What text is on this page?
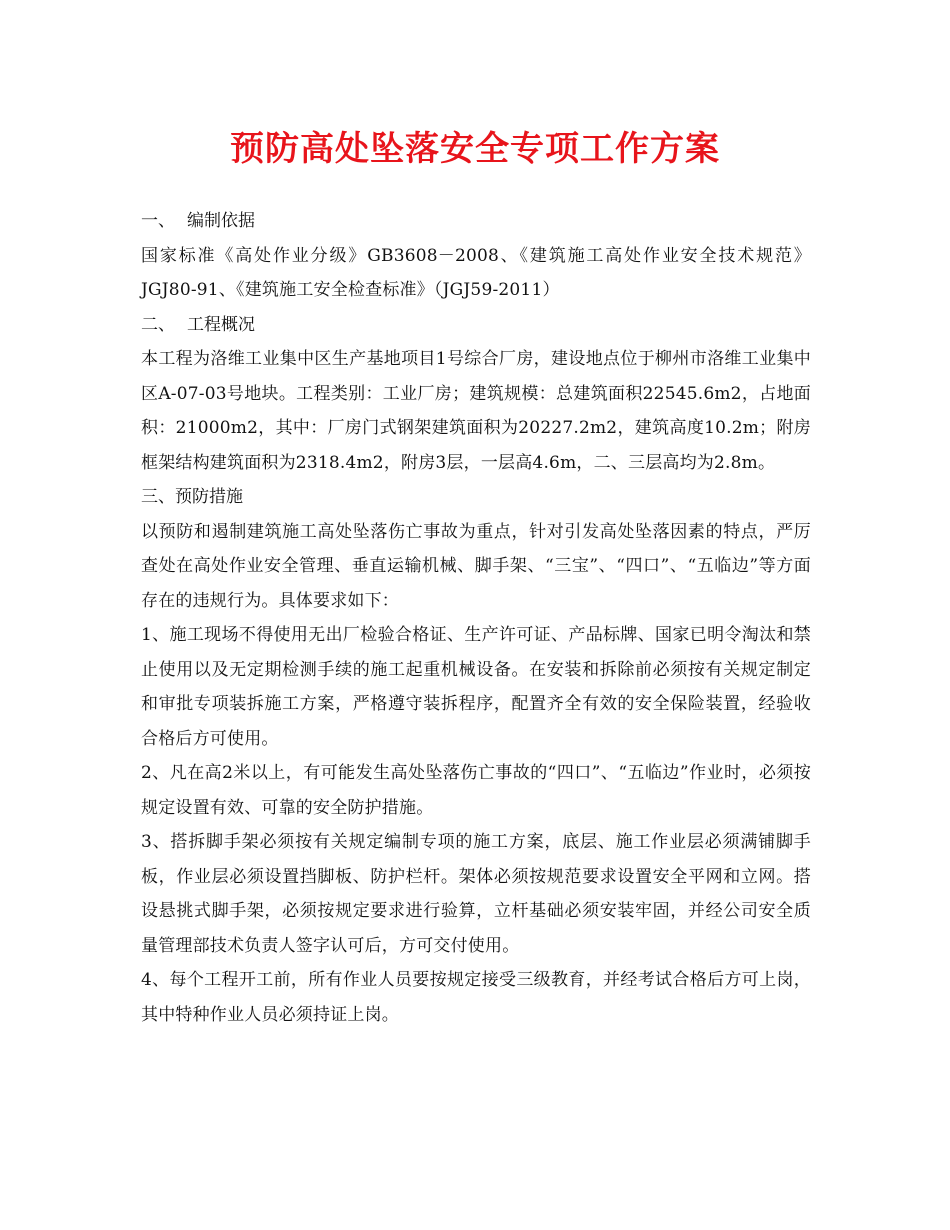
预防高处坠落安全专项工作方案

一、 编制依据

国家标准《高处作业分级》GB3608－2008、《建筑施工高处作业安全技术规范》JGJ80-91、《建筑施工安全检查标准》（JGJ59-2011）

二、 工程概况

本工程为洛维工业集中区生产基地项目1号综合厂房，建设地点位于柳州市洛维工业集中区A-07-03号地块。工程类别：工业厂房；建筑规模：总建筑面积22545.6m2，占地面积：21000m2，其中：厂房门式钢架建筑面积为20227.2m2，建筑高度10.2m；附房框架结构建筑面积为2318.4m2，附房3层，一层高4.6m，二、三层高均为2.8m。

三、预防措施

以预防和遏制建筑施工高处坠落伤亡事故为重点，针对引发高处坠落因素的特点，严厉查处在高处作业安全管理、垂直运输机械、脚手架、“三宝”、“四口”、“五临边”等方面存在的违规行为。具体要求如下：

1、施工现场不得使用无出厂检验合格证、生产许可证、产品标牌、国家已明令淘汰和禁止使用以及无定期检测手续的施工起重机械设备。在安装和拆除前必须按有关规定制定和审批专项装拆施工方案，严格遵守装拆程序，配置齐全有效的安全保险装置，经验收合格后方可使用。

2、凡在高2米以上，有可能发生高处坠落伤亡事故的“四口”、“五临边”作业时，必须按规定设置有效、可靠的安全防护措施。

3、搭拆脚手架必须按有关规定编制专项的施工方案，底层、施工作业层必须满铺脚手板，作业层必须设置挡脚板、防护栏杆。架体必须按规范要求设置安全平网和立网。搭设悬挑式脚手架，必须按规定要求进行验算，立杆基础必须安装牢固，并经公司安全质量管理部技术负责人签字认可后，方可交付使用。

4、每个工程开工前，所有作业人员要按规定接受三级教育，并经考试合格后方可上岗，其中特种作业人员必须持证上岗。
